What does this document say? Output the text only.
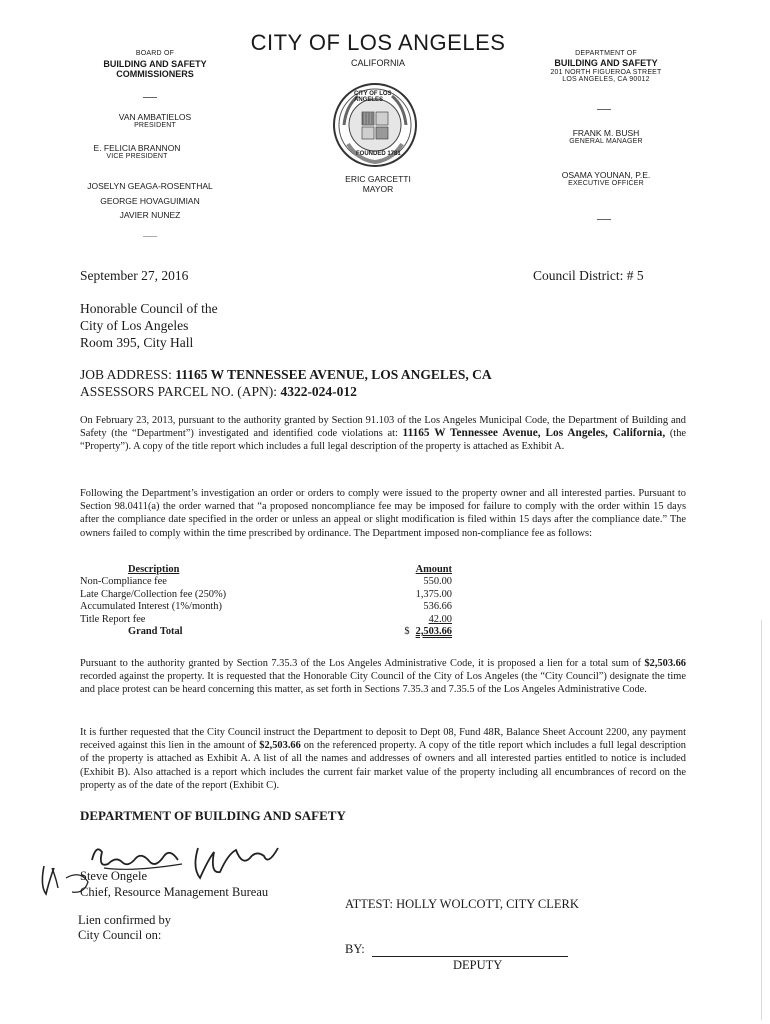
BOARD OF
BUILDING AND SAFETY
COMMISSIONERS
VAN AMBATIELOS
PRESIDENT
E. FELICIA BRANNON
VICE PRESIDENT
JOSELYN GEAGA-ROSENTHAL
GEORGE HOVAGUIMIAN
JAVIER NUNEZ
CITY OF LOS ANGELES
CALIFORNIA
CITY OF LOS ANGELES
FOUNDED 1781
ERIC GARCETTI
MAYOR
DEPARTMENT OF
BUILDING AND SAFETY
201 NORTH FIGUEROA STREET
LOS ANGELES, CA 90012
FRANK M. BUSH
GENERAL MANAGER
OSAMA YOUNAN, P.E.
EXECUTIVE OFFICER
September 27, 2016	Council District: # 5
Honorable Council of the
City of Los Angeles
Room 395, City Hall
JOB ADDRESS: 11165 W TENNESSEE AVENUE, LOS ANGELES, CA
ASSESSORS PARCEL NO. (APN): 4322-024-012
On February 23, 2013, pursuant to the authority granted by Section 91.103 of the Los Angeles Municipal Code, the Department of Building and Safety (the “Department”) investigated and identified code violations at: 11165 W Tennessee Avenue, Los Angeles, California, (the “Property”). A copy of the title report which includes a full legal description of the property is attached as Exhibit A.
Following the Department’s investigation an order or orders to comply were issued to the property owner and all interested parties. Pursuant to Section 98.0411(a) the order warned that “a proposed noncompliance fee may be imposed for failure to comply with the order within 15 days after the compliance date specified in the order or unless an appeal or slight modification is filed within 15 days after the compliance date.” The owners failed to comply within the time prescribed by ordinance. The Department imposed non-compliance fee as follows:
Description	Amount
Non-Compliance fee	550.00
Late Charge/Collection fee (250%)	1,375.00
Accumulated Interest (1%/month)	536.66
Title Report fee	42.00
Grand Total	$ 2,503.66
Pursuant to the authority granted by Section 7.35.3 of the Los Angeles Administrative Code, it is proposed a lien for a total sum of $2,503.66 recorded against the property. It is requested that the Honorable City Council of the City of Los Angeles (the “City Council”) designate the time and place protest can be heard concerning this matter, as set forth in Sections 7.35.3 and 7.35.5 of the Los Angeles Administrative Code.
It is further requested that the City Council instruct the Department to deposit to Dept 08, Fund 48R, Balance Sheet Account 2200, any payment received against this lien in the amount of $2,503.66 on the referenced property. A copy of the title report which includes a full legal description of the property is attached as Exhibit A. A list of all the names and addresses of owners and all interested parties entitled to notice is included (Exhibit B). Also attached is a report which includes the current fair market value of the property including all encumbrances of record on the property as of the date of the report (Exhibit C).
DEPARTMENT OF BUILDING AND SAFETY
Steve Ongele
Chief, Resource Management Bureau
ATTEST: HOLLY WOLCOTT, CITY CLERK
Lien confirmed by
City Council on:
BY:
DEPUTY
